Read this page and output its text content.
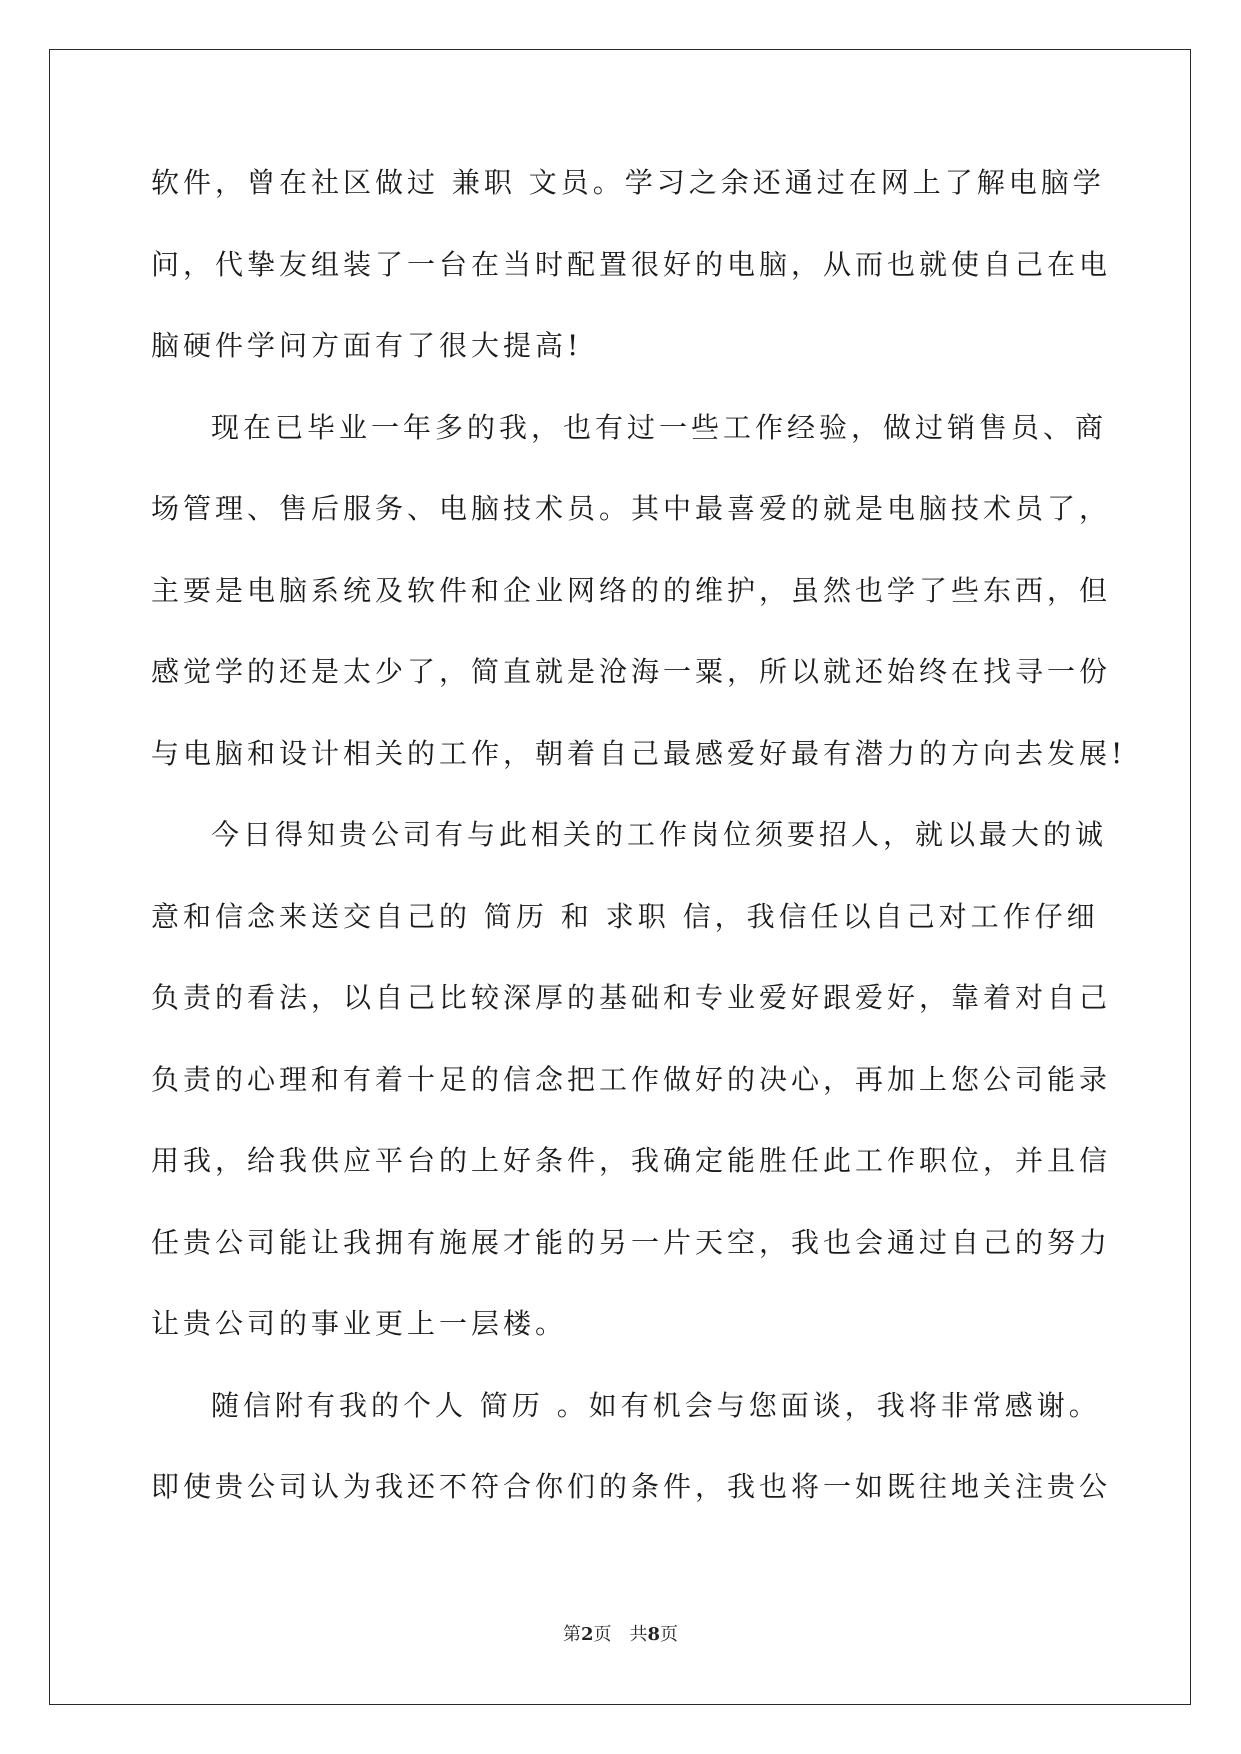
软件，曾在社区做过 兼职 文员。学习之余还通过在网上了解电脑学
问，代挚友组装了一台在当时配置很好的电脑，从而也就使自己在电
脑硬件学问方面有了很大提高!
现在已毕业一年多的我，也有过一些工作经验，做过销售员、商
场管理、售后服务、电脑技术员。其中最喜爱的就是电脑技术员了，
主要是电脑系统及软件和企业网络的的维护，虽然也学了些东西，但
感觉学的还是太少了，简直就是沧海一粟，所以就还始终在找寻一份
与电脑和设计相关的工作，朝着自己最感爱好最有潜力的方向去发展!
今日得知贵公司有与此相关的工作岗位须要招人，就以最大的诚
意和信念来送交自己的 简历 和 求职 信，我信任以自己对工作仔细
负责的看法，以自己比较深厚的基础和专业爱好跟爱好，靠着对自己
负责的心理和有着十足的信念把工作做好的决心，再加上您公司能录
用我，给我供应平台的上好条件，我确定能胜任此工作职位，并且信
任贵公司能让我拥有施展才能的另一片天空，我也会通过自己的努力
让贵公司的事业更上一层楼。
随信附有我的个人 简历 。如有机会与您面谈，我将非常感谢。
即使贵公司认为我还不符合你们的条件，我也将一如既往地关注贵公
第2页 共8页
